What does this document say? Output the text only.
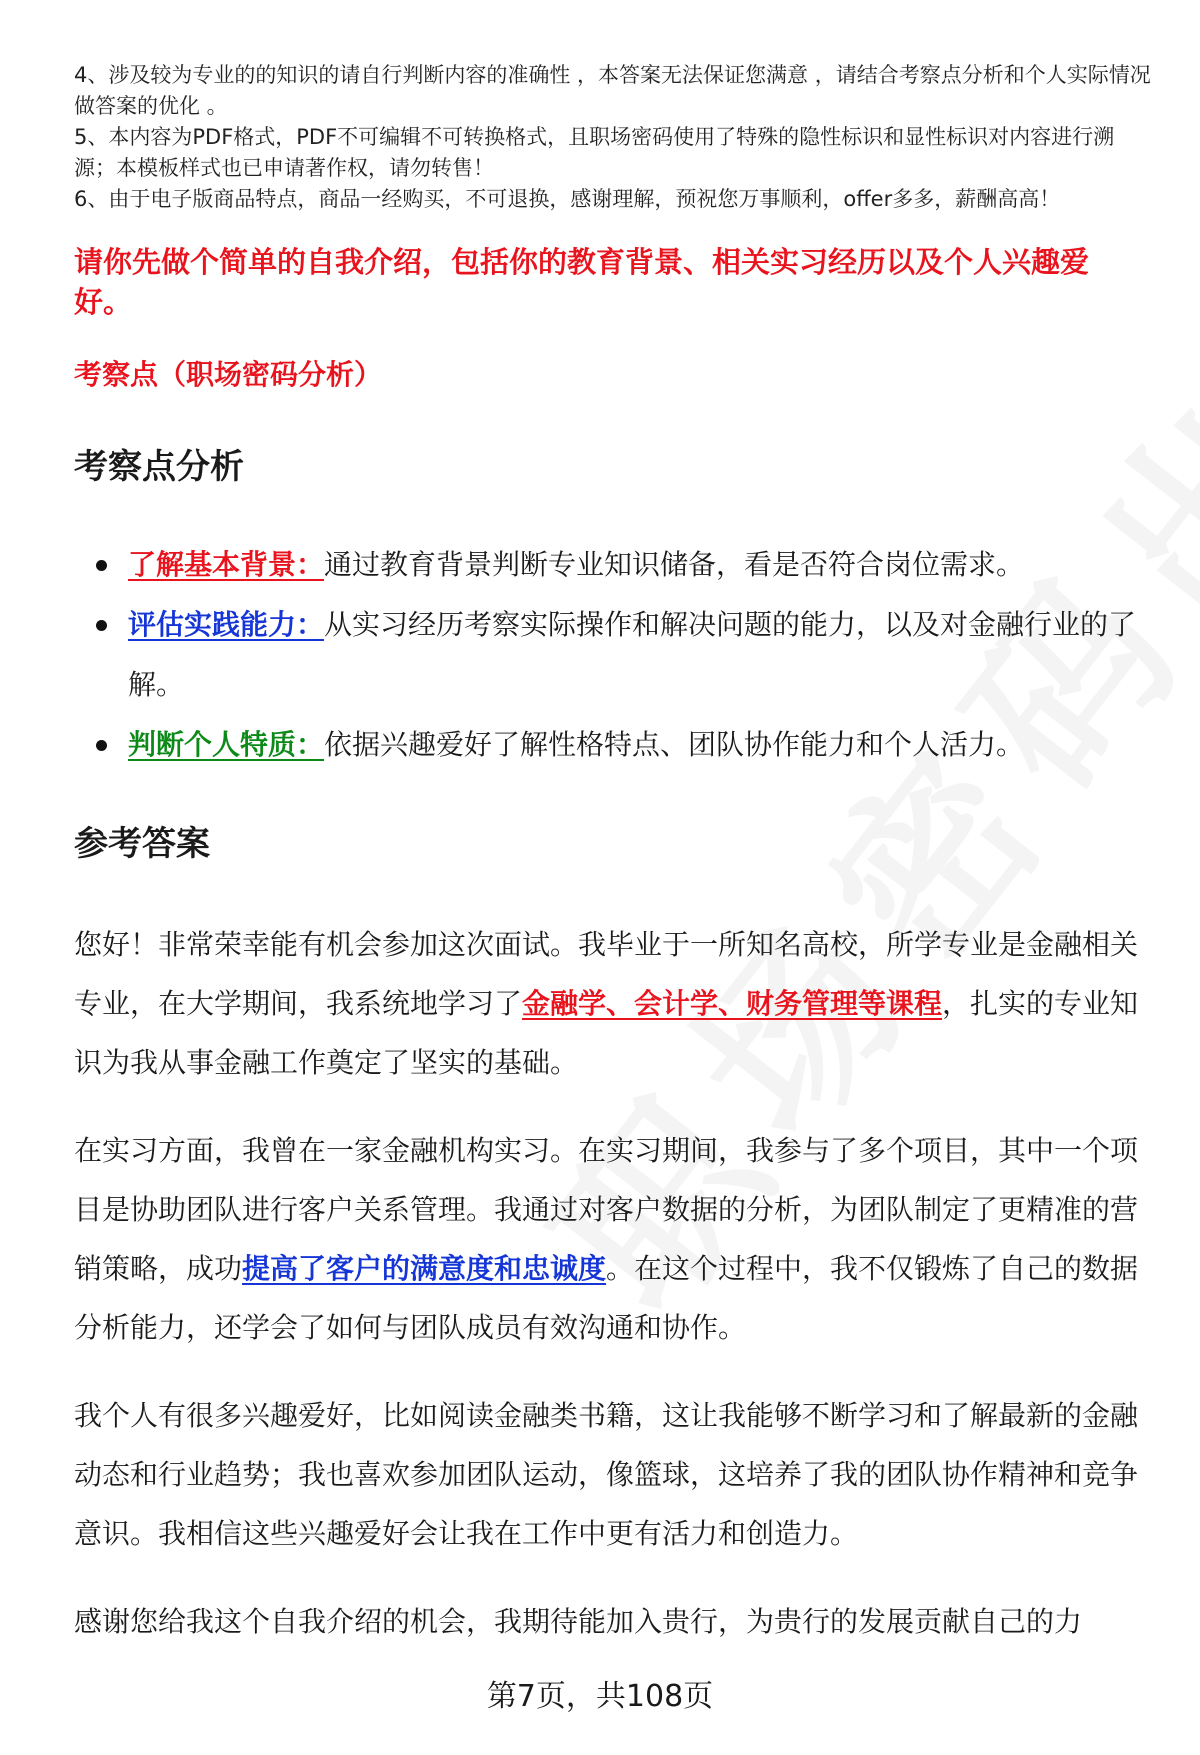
4、涉及较为专业的的知识的请自行判断内容的准确性 ，本答案无法保证您满意 ，请结合考察点分析和个人实际情况做答案的优化 。

5、本内容为PDF格式，PDF不可编辑不可转换格式，且职场密码使用了特殊的隐性标识和显性标识对内容进行溯源；本模板样式也已申请著作权，请勿转售！

6、由于电子版商品特点，商品一经购买，不可退换，感谢理解，预祝您万事顺利，offer多多，薪酬高高！

请你先做个简单的自我介绍，包括你的教育背景、相关实习经历以及个人兴趣爱好。
考察点（职场密码分析）
考察点分析
了解基本背景：通过教育背景判断专业知识储备，看是否符合岗位需求。
评估实践能力：从实习经历考察实际操作和解决问题的能力，以及对金融行业的了解。
判断个人特质：依据兴趣爱好了解性格特点、团队协作能力和个人活力。
参考答案

您好！非常荣幸能有机会参加这次面试。我毕业于一所知名高校，所学专业是金融相关专业，在大学期间，我系统地学习了金融学、会计学、财务管理等课程，扎实的专业知识为我从事金融工作奠定了坚实的基础。

在实习方面，我曾在一家金融机构实习。在实习期间，我参与了多个项目，其中一个项目是协助团队进行客户关系管理。我通过对客户数据的分析，为团队制定了更精准的营销策略，成功提高了客户的满意度和忠诚度。在这个过程中，我不仅锻炼了自己的数据分析能力，还学会了如何与团队成员有效沟通和协作。

我个人有很多兴趣爱好，比如阅读金融类书籍，这让我能够不断学习和了解最新的金融动态和行业趋势；我也喜欢参加团队运动，像篮球，这培养了我的团队协作精神和竞争意识。我相信这些兴趣爱好会让我在工作中更有活力和创造力。

感谢您给我这个自我介绍的机会，我期待能加入贵行，为贵行的发展贡献自己的力

第7页，共108页
